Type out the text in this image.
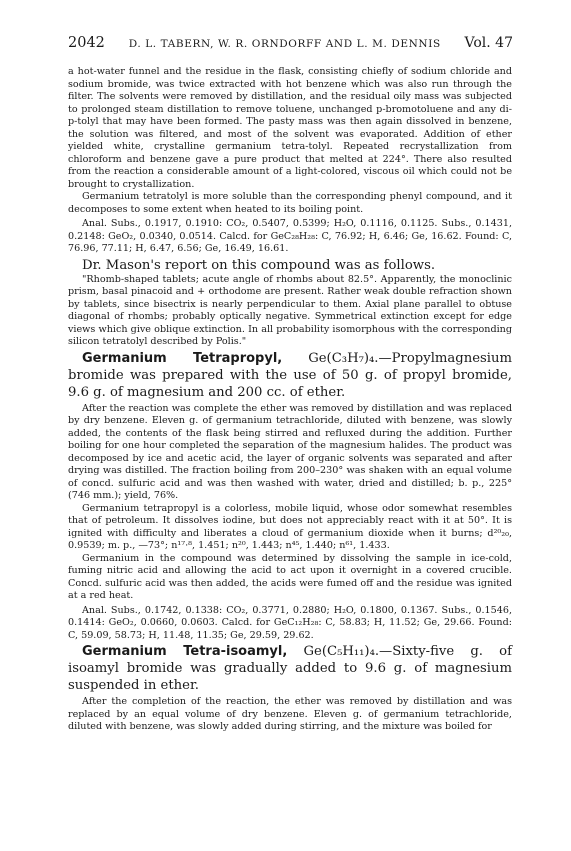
2042 D. L. TABERN, W. R. ORNDORFF AND L. M. DENNIS Vol. 47

a hot-water funnel and the residue in the flask, consisting chiefly of sodium chloride and sodium bromide, was twice extracted with hot benzene which was also run through the filter. The solvents were removed by distillation, and the residual oily mass was subjected to prolonged steam distillation to remove toluene, unchanged p-bromotoluene and any di-p-tolyl that may have been formed. The pasty mass was then again dissolved in benzene, the solution was filtered, and most of the solvent was evaporated. Addition of ether yielded white, crystalline germanium tetra-tolyl. Repeated recrystallization from chloroform and benzene gave a pure product that melted at 224°. There also resulted from the reaction a considerable amount of a light-colored, viscous oil which could not be brought to crystallization.

Germanium tetratolyl is more soluble than the corresponding phenyl compound, and it decomposes to some extent when heated to its boiling point.

Anal. Subs., 0.1917, 0.1910: CO₂, 0.5407, 0.5399; H₂O, 0.1116, 0.1125. Subs., 0.1431, 0.2148: GeO₂, 0.0340, 0.0514. Calcd. for GeC₂₈H₂₈: C, 76.92; H, 6.46; Ge, 16.62. Found: C, 76.96, 77.11; H, 6.47, 6.56; Ge, 16.49, 16.61.

Dr. Mason's report on this compound was as follows.

"Rhomb-shaped tablets; acute angle of rhombs about 82.5°. Apparently, the monoclinic prism, basal pinacoid and + orthodome are present. Rather weak double refraction shown by tablets, since bisectrix is nearly perpendicular to them. Axial plane parallel to obtuse diagonal of rhombs; probably optically negative. Symmetrical extinction except for edge views which give oblique extinction. In all probability isomorphous with the corresponding silicon tetratolyl described by Polis."

Germanium Tetrapropyl, Ge(C₃H₇)₄.—Propylmagnesium bromide was prepared with the use of 50 g. of propyl bromide, 9.6 g. of magnesium and 200 cc. of ether.

After the reaction was complete the ether was removed by distillation and was replaced by dry benzene. Eleven g. of germanium tetrachloride, diluted with benzene, was slowly added, the contents of the flask being stirred and refluxed during the addition. Further boiling for one hour completed the separation of the magnesium halides. The product was decomposed by ice and acetic acid, the layer of organic solvents was separated and after drying was distilled. The fraction boiling from 200–230° was shaken with an equal volume of concd. sulfuric acid and was then washed with water, dried and distilled; b. p., 225° (746 mm.); yield, 76%.

Germanium tetrapropyl is a colorless, mobile liquid, whose odor somewhat resembles that of petroleum. It dissolves iodine, but does not appreciably react with it at 50°. It is ignited with difficulty and liberates a cloud of germanium dioxide when it burns; d²⁰₂₀, 0.9539; m. p., —73°; n¹⁷·⁸, 1.451; n²⁰, 1.443; n⁴⁵, 1.440; n⁶¹, 1.433.

Germanium in the compound was determined by dissolving the sample in ice-cold, fuming nitric acid and allowing the acid to act upon it overnight in a covered crucible. Concd. sulfuric acid was then added, the acids were fumed off and the residue was ignited at a red heat.

Anal. Subs., 0.1742, 0.1338: CO₂, 0.3771, 0.2880; H₂O, 0.1800, 0.1367. Subs., 0.1546, 0.1414: GeO₂, 0.0660, 0.0603. Calcd. for GeC₁₂H₂₈: C, 58.83; H, 11.52; Ge, 29.66. Found: C, 59.09, 58.73; H, 11.48, 11.35; Ge, 29.59, 29.62.

Germanium Tetra-isoamyl, Ge(C₅H₁₁)₄.—Sixty-five g. of isoamyl bromide was gradually added to 9.6 g. of magnesium suspended in ether.

After the completion of the reaction, the ether was removed by distillation and was replaced by an equal volume of dry benzene. Eleven g. of germanium tetrachloride, diluted with benzene, was slowly added during stirring, and the mixture was boiled for
